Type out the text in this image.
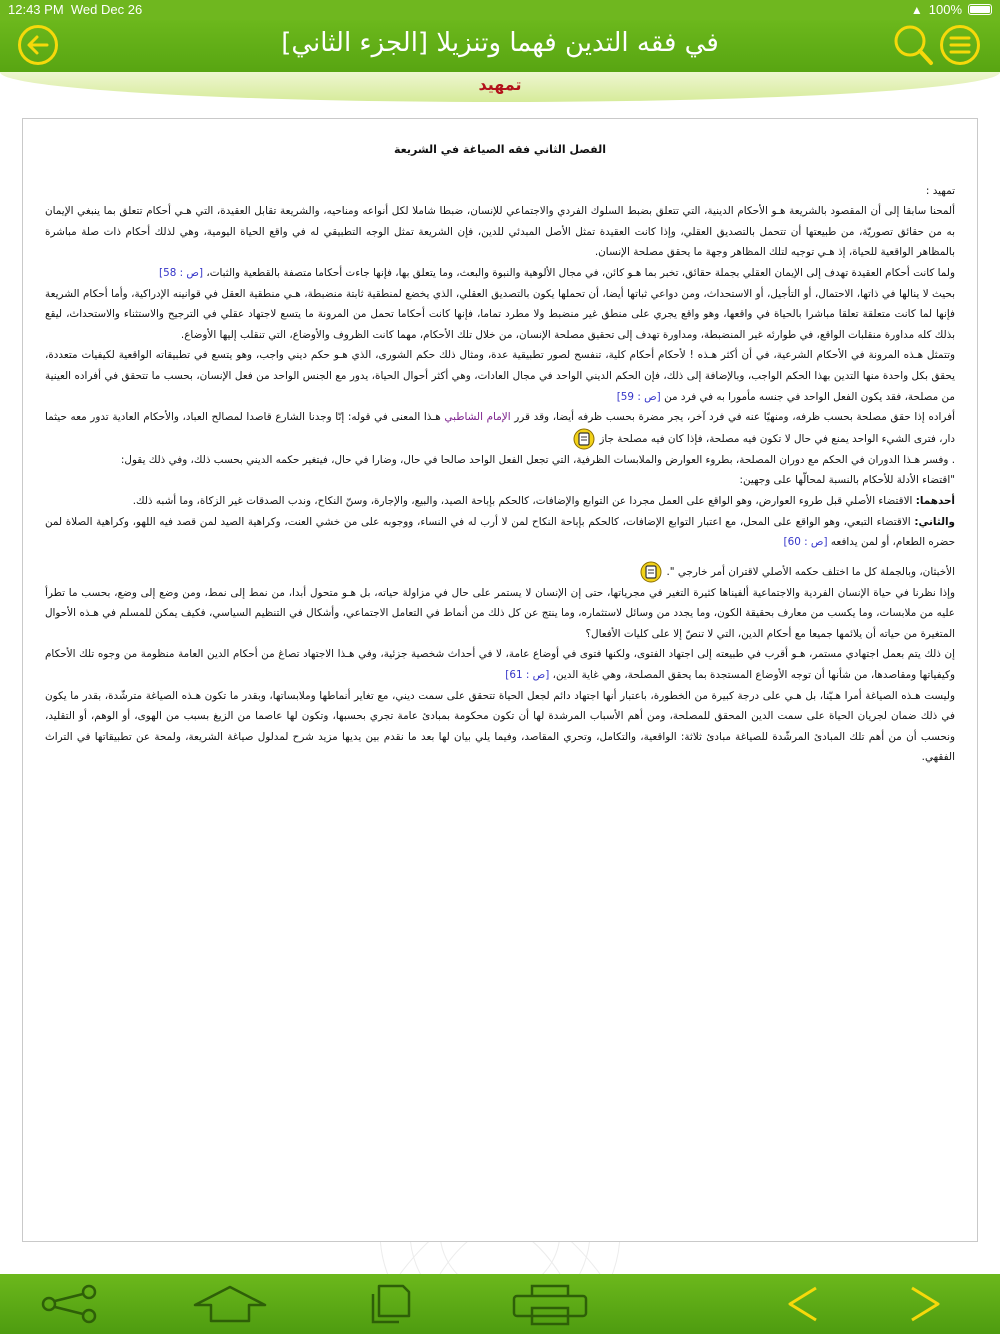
12:43 PM Wed Dec 26	▲ 100%
في فقه التدين فهما وتنزيلا [الجزء الثاني]
تمهيد
الفصل الثاني فقه الصياغة في الشريعة

تمهيد :

ألمحنا سابقا إلى أن المقصود بالشريعة هـو الأحكام الدينية، التي تتعلق بضبط السلوك الفردي والاجتماعي للإنسان، ضبطا شاملا لكل أنواعه ومناحيه، والشريعة تقابل العقيدة، التي هـي أحكام تتعلق بما ينبغي الإيمان به من حقائق تصوريّة، من طبيعتها أن تتحمل بالتصديق العقلي، وإذا كانت العقيدة تمثل الأصل المبدئي للدين، فإن الشريعة تمثل الوجه التطبيقي له في واقع الحياة اليومية، وهي لذلك أحكام ذات صلة مباشرة بالمظاهر الواقعية للحياة، إذ هـي توجيه لتلك المظاهر وجهة ما يحقق مصلحة الإنسان.

ولما كانت أحكام العقيدة تهدف إلى الإيمان العقلي بجملة حقائق، تخبر بما هـو كائن، في مجال الألوهية والنبوة والبعث، وما يتعلق بها، فإنها جاءت أحكاما متصفة بالقطعية والثبات، [ص : 58]

بحيث لا ينالها في ذاتها، الاحتمال، أو التأجيل، أو الاستحداث، ومن دواعي ثباتها أيضا، أن تحملها يكون بالتصديق العقلي، الذي يخضع لمنطقية ثابتة منضبطة، هـي منطقية العقل في قوانينه الإدراكية، وأما أحكام الشريعة فإنها لما كانت متعلقة تعلقا مباشرا بالحياة في واقعها، وهو واقع يجري على منطق غير منضبط ولا مطرد تماما، فإنها كانت أحكاما تحمل من المرونة ما يتسع لاجتهاد عقلي في الترجيح والاستثناء والاستحداث، ليقع بذلك كله مداورة منقلبات الواقع، في طوارئه غير المنضبطة، ومداورة تهدف إلى تحقيق مصلحة الإنسان، من خلال تلك الأحكام، مهما كانت الظروف والأوضاع، التي تنقلب إليها الأوضاع.

وتتمثل هـذه المرونة في الأحكام الشرعية، في أن أكثر هـذه ! لأحكام أحكام كلية، تنفسح لصور تطبيقية عدة، ومثال ذلك حكم الشورى، الذي هـو حكم ديني واجب، وهو يتسع في تطبيقاته الواقعية لكيفيات متعددة، يحقق بكل واحدة منها التدين بهذا الحكم الواجب، وبالإضافة إلى ذلك، فإن الحكم الديني الواحد في مجال العادات، وهي أكثر أحوال الحياة، يدور مع الجنس الواحد من فعل الإنسان، بحسب ما تتحقق في أفراده العينية من مصلحة، فقد يكون الفعل الواحد في جنسه مأمورا به في فرد من [ص : 59]

أفراده إذا حقق مصلحة بحسب ظرفه، ومنهيًا عنه في فرد آخر، يجر مضرة بحسب ظرفه أيضا، وقد قرر الإمام الشاطبي هـذا المعنى في قوله: إنّا وجدنا الشارع قاصدا لمصالح العباد، والأحكام العادية تدور معه حيثما دار، فترى الشيء الواحد يمنع في حال لا تكون فيه مصلحة، فإذا كان فيه مصلحة جاز

. وفسر هـذا الدوران في الحكم مع دوران المصلحة، بطروء العوارض والملابسات الظرفية، التي تجعل الفعل الواحد صالحا في حال، وضارا في حال، فيتغير حكمه الديني بحسب ذلك، وفي ذلك يقول:

"اقتضاء الأدلة للأحكام بالنسبة لمحالّها على وجهين:

أحدهما: الاقتضاء الأصلي قبل طروء العوارض، وهو الواقع على العمل مجردا عن التوابع والإضافات، كالحكم بإباحة الصيد، والبيع، والإجارة، وسنّ النكاح، وندب الصدقات غير الزكاة، وما أشبه ذلك.

والثاني: الاقتضاء التبعي، وهو الواقع على المحل، مع اعتبار التوابع الإضافات، كالحكم بإباحة النكاح لمن لا أرب له في النساء، ووجوبه على من خشي العنت، وكراهية الصيد لمن قصد فيه اللهو، وكراهية الصلاة لمن حضره الطعام، أو لمن يدافعه [ص : 60]

الأخبثان، وبالجملة كل ما اختلف حكمه الأصلي لاقتران أمر خارجي ".

وإذا نظرنا في حياة الإنسان الفردية والاجتماعية ألفيناها كثيرة التغير في مجرياتها، حتى إن الإنسان لا يستمر على حال في مزاولة حياته، بل هـو متحول أبدا، من نمط إلى نمط، ومن وضع إلى وضع، بحسب ما تطرأ عليه من ملابسات، وما يكسب من معارف بحقيقة الكون، وما يجدد من وسائل لاستثماره، وما ينتج عن كل ذلك من أنماط في التعامل الاجتماعي، وأشكال في التنظيم السياسي، فكيف يمكن للمسلم في هـذه الأحوال المتغيرة من حياته أن يلائمها جميعا مع أحكام الدين، التي لا تنصّ إلا على كليات الأفعال؟

إن ذلك يتم بعمل اجتهادي مستمر، هـو أقرب في طبيعته إلى اجتهاد الفتوى، ولكنها فتوى في أوضاع عامة، لا في أحداث شخصية جزئية، وفي هـذا الاجتهاد تصاغ من أحكام الدين العامة منظومة من وجوه تلك الأحكام وكيفياتها ومقاصدها، من شأنها أن توجه الأوضاع المستجدة بما يحقق المصلحة، وهي غاية الدين، [ص : 61]

وليست هـذه الصياغة أمرا هـيّنا، بل هـي على درجة كبيرة من الخطورة، باعتبار أنها اجتهاد دائم لجعل الحياة تتحقق على سمت ديني، مع تغاير أنماطها وملابساتها، وبقدر ما تكون هـذه الصياغة مترشّدة، بقدر ما يكون في ذلك ضمان لجريان الحياة على سمت الدين المحقق للمصلحة، ومن أهم الأسباب المرشدة لها أن تكون محكومة بمبادئ عامة تجري بحسبها، وتكون لها عاصما من الزيغ بسبب من الهوى، أو الوهم، أو التقليد، ونحسب أن من أهم تلك المبادئ المرشّدة للصياغة مبادئ ثلاثة: الواقعية، والتكامل، وتحري المقاصد، وفيما يلي بيان لها بعد ما نقدم بين يديها مزيد شرح لمدلول صياغة الشريعة، ولمحة عن تطبيقاتها في التراث الفقهي.
